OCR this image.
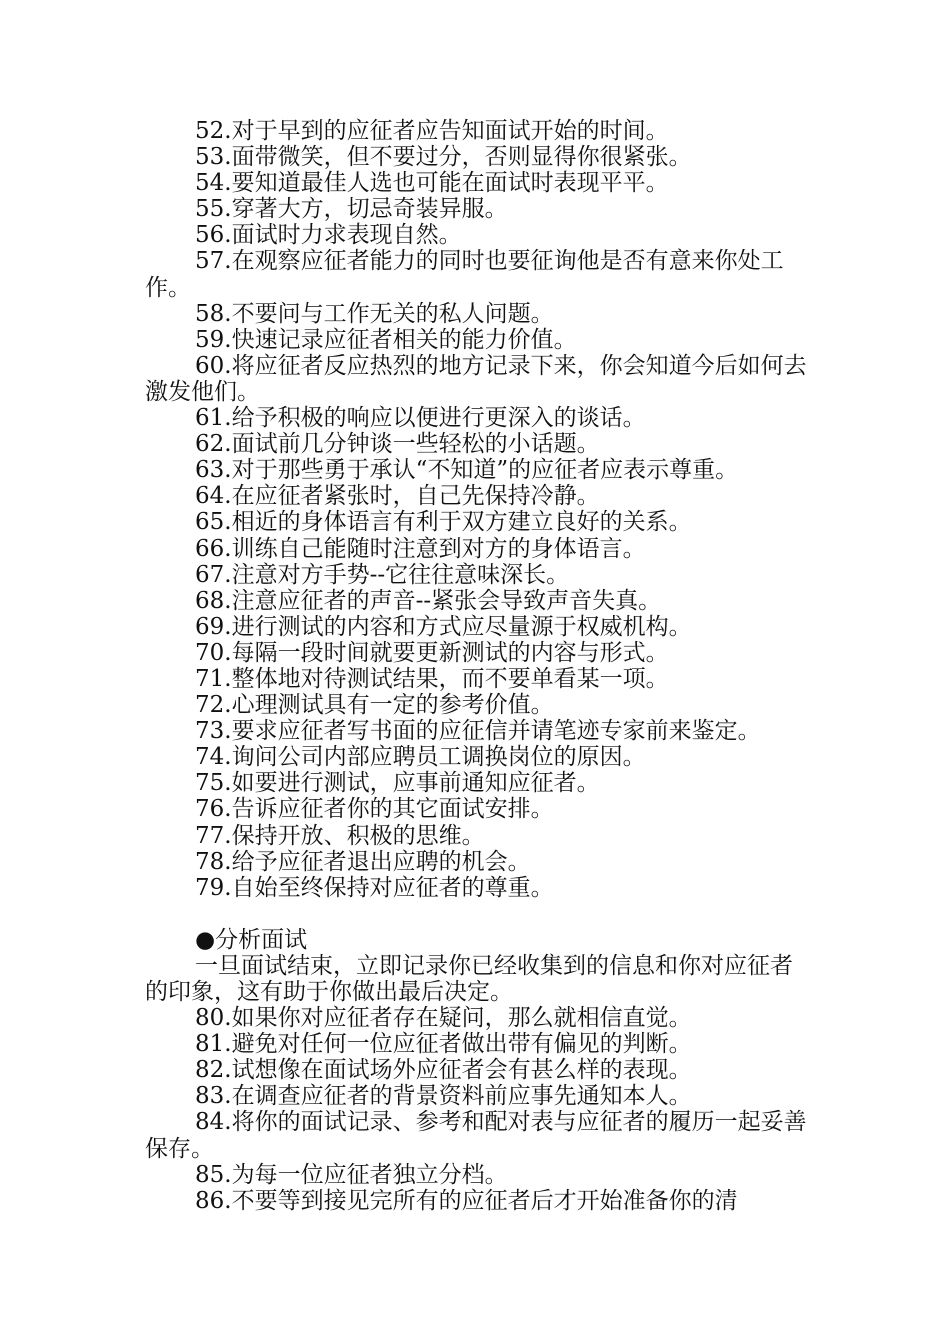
52.对于早到的应征者应告知面试开始的时间。

53.面带微笑，但不要过分，否则显得你很紧张。

54.要知道最佳人选也可能在面试时表现平平。

55.穿著大方，切忌奇装异服。

56.面试时力求表现自然。

57.在观察应征者能力的同时也要征询他是否有意来你处工作。

58.不要问与工作无关的私人问题。

59.快速记录应征者相关的能力价值。

60.将应征者反应热烈的地方记录下来，你会知道今后如何去激发他们。

61.给予积极的响应以便进行更深入的谈话。

62.面试前几分钟谈一些轻松的小话题。

63.对于那些勇于承认“不知道”的应征者应表示尊重。

64.在应征者紧张时，自己先保持冷静。

65.相近的身体语言有利于双方建立良好的关系。

66.训练自己能随时注意到对方的身体语言。

67.注意对方手势--它往往意味深长。

68.注意应征者的声音--紧张会导致声音失真。

69.进行测试的内容和方式应尽量源于权威机构。

70.每隔一段时间就要更新测试的内容与形式。

71.整体地对待测试结果，而不要单看某一项。

72.心理测试具有一定的参考价值。

73.要求应征者写书面的应征信并请笔迹专家前来鉴定。

74.询问公司内部应聘员工调换岗位的原因。

75.如要进行测试，应事前通知应征者。

76.告诉应征者你的其它面试安排。

77.保持开放、积极的思维。

78.给予应征者退出应聘的机会。

79.自始至终保持对应征者的尊重。

●分析面试

一旦面试结束，立即记录你已经收集到的信息和你对应征者的印象，这有助于你做出最后决定。

80.如果你对应征者存在疑问，那么就相信直觉。

81.避免对任何一位应征者做出带有偏见的判断。

82.试想像在面试场外应征者会有甚么样的表现。

83.在调查应征者的背景资料前应事先通知本人。

84.将你的面试记录、参考和配对表与应征者的履历一起妥善保存。

85.为每一位应征者独立分档。

86.不要等到接见完所有的应征者后才开始准备你的清
